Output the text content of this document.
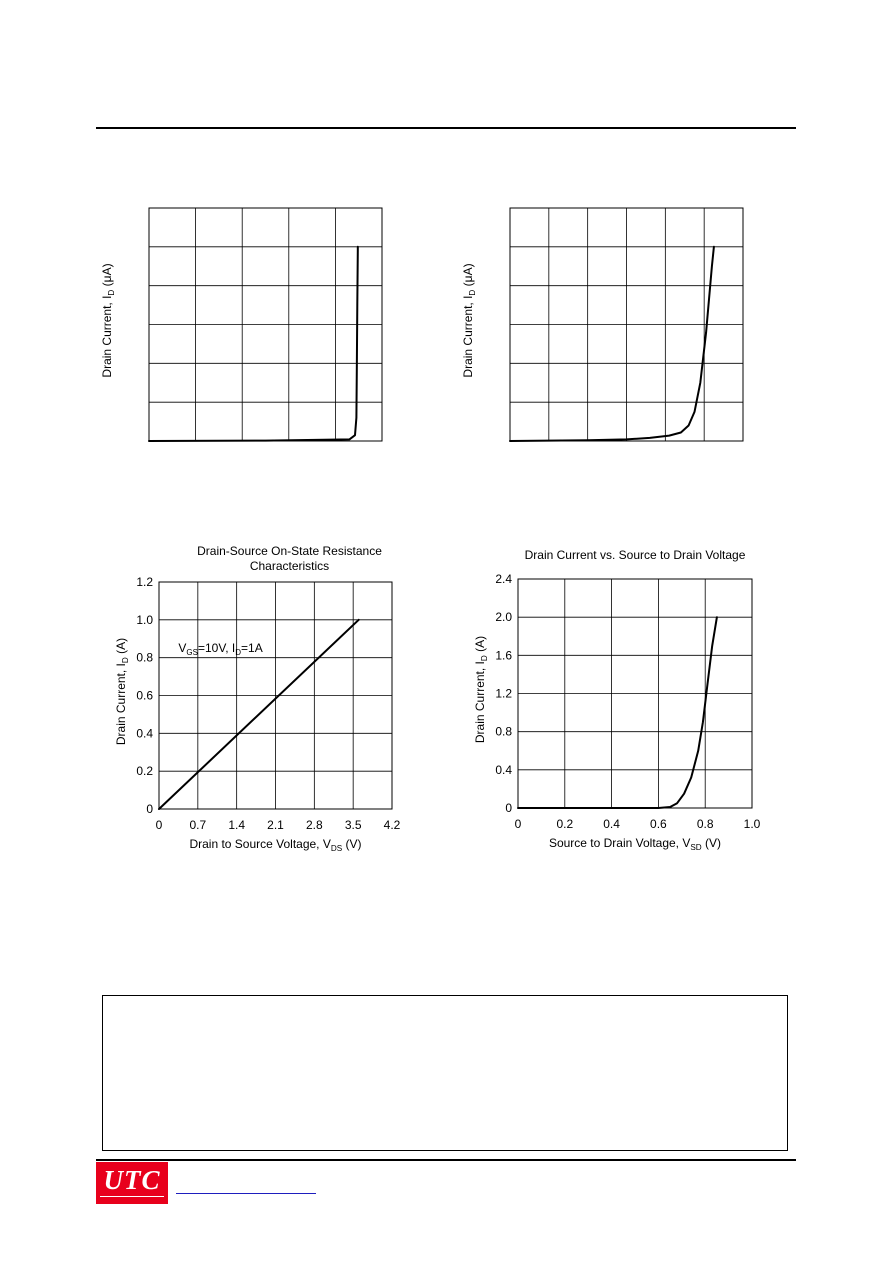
Drain Current, $I_D$ (μA)
Drain Current, $I_D$ (μA)
0 0.7 1.4 2.1 2.8 3.5 4.2
0
0.2
0.4
0.6
0.8
1.0
1.2
Drain-Source On-State Resistance
Characteristics
$V_{GS}=10V$, $I_D=1A$
Drain Current, $I_D$ (A)
Drain to Source Voltage, $V_{DS}$ (V)
0	0.2	0.4	0.6	0.8	1.0
0
0.4
0.8
1.2
1.6
2.0
2.4
Drain Current vs. Source to Drain Voltage
Drain Current, $I_D$ (A)
Source to Drain Voltage, $V_{SD}$ (V)
UTC
